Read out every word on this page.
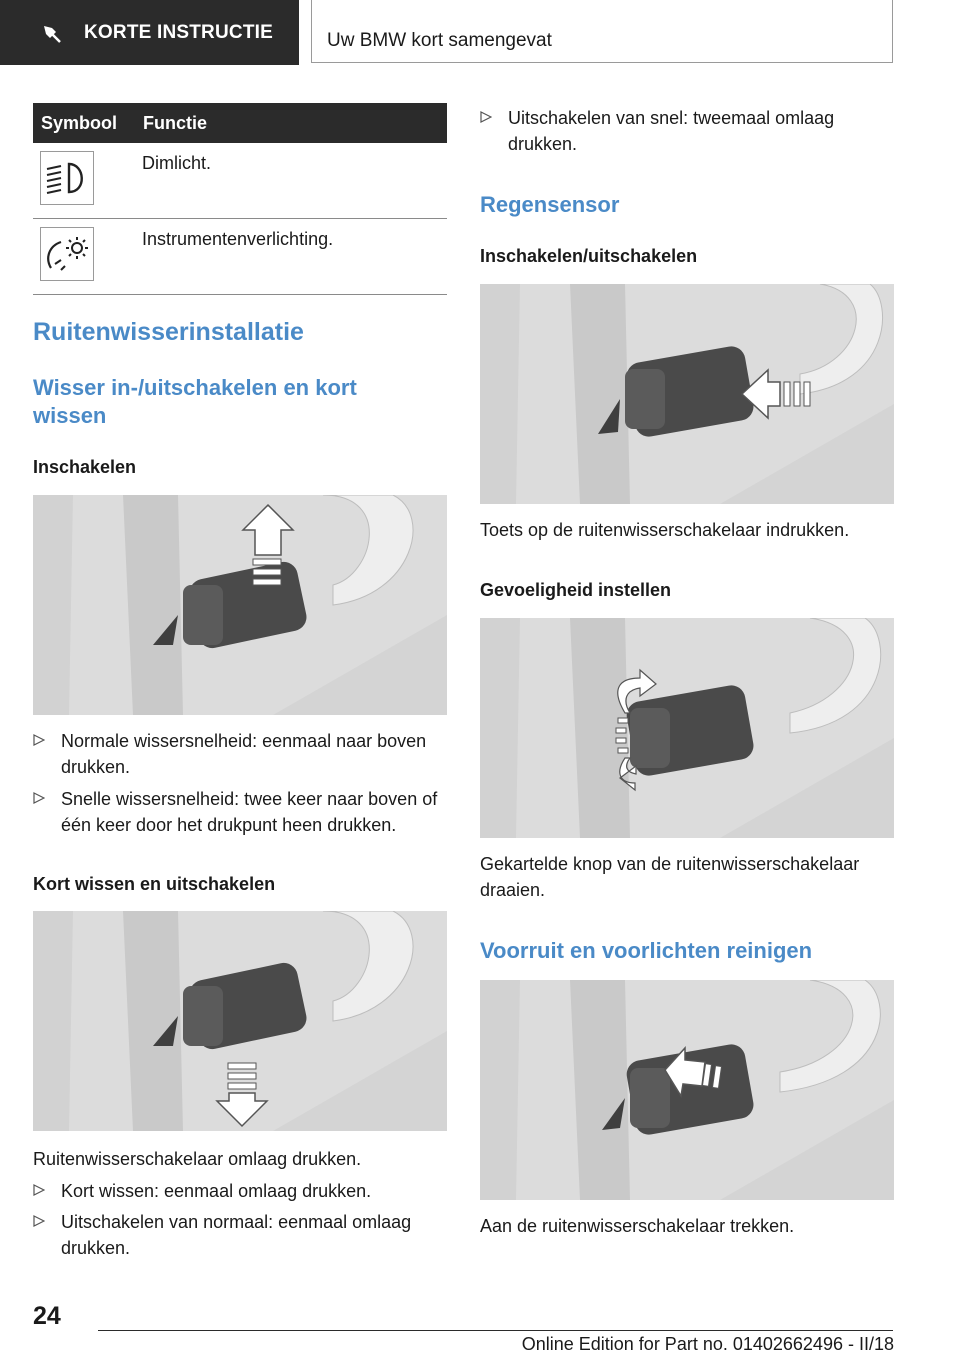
KORTE INSTRUCTIE	Uw BMW kort samengevat
Symbool	Functie
Dimlicht.
Instrumentenverlichting.
Ruitenwisserinstallatie
Wisser in-/uitschakelen en kort wissen
Inschakelen
Normale wissersnelheid: eenmaal naar boven drukken.
Snelle wissersnelheid: twee keer naar boven of één keer door het drukpunt heen drukken.
Kort wissen en uitschakelen
Ruitenwisserschakelaar omlaag drukken.
Kort wissen: eenmaal omlaag drukken.
Uitschakelen van normaal: eenmaal omlaag drukken.
Uitschakelen van snel: tweemaal omlaag drukken.
Regensensor
Inschakelen/uitschakelen
Toets op de ruitenwisserschakelaar indrukken.
Gevoeligheid instellen
Gekartelde knop van de ruitenwisserschakelaar draaien.
Voorruit en voorlichten reinigen
Aan de ruitenwisserschakelaar trekken.
24
Online Edition for Part no. 01402662496 - II/18
